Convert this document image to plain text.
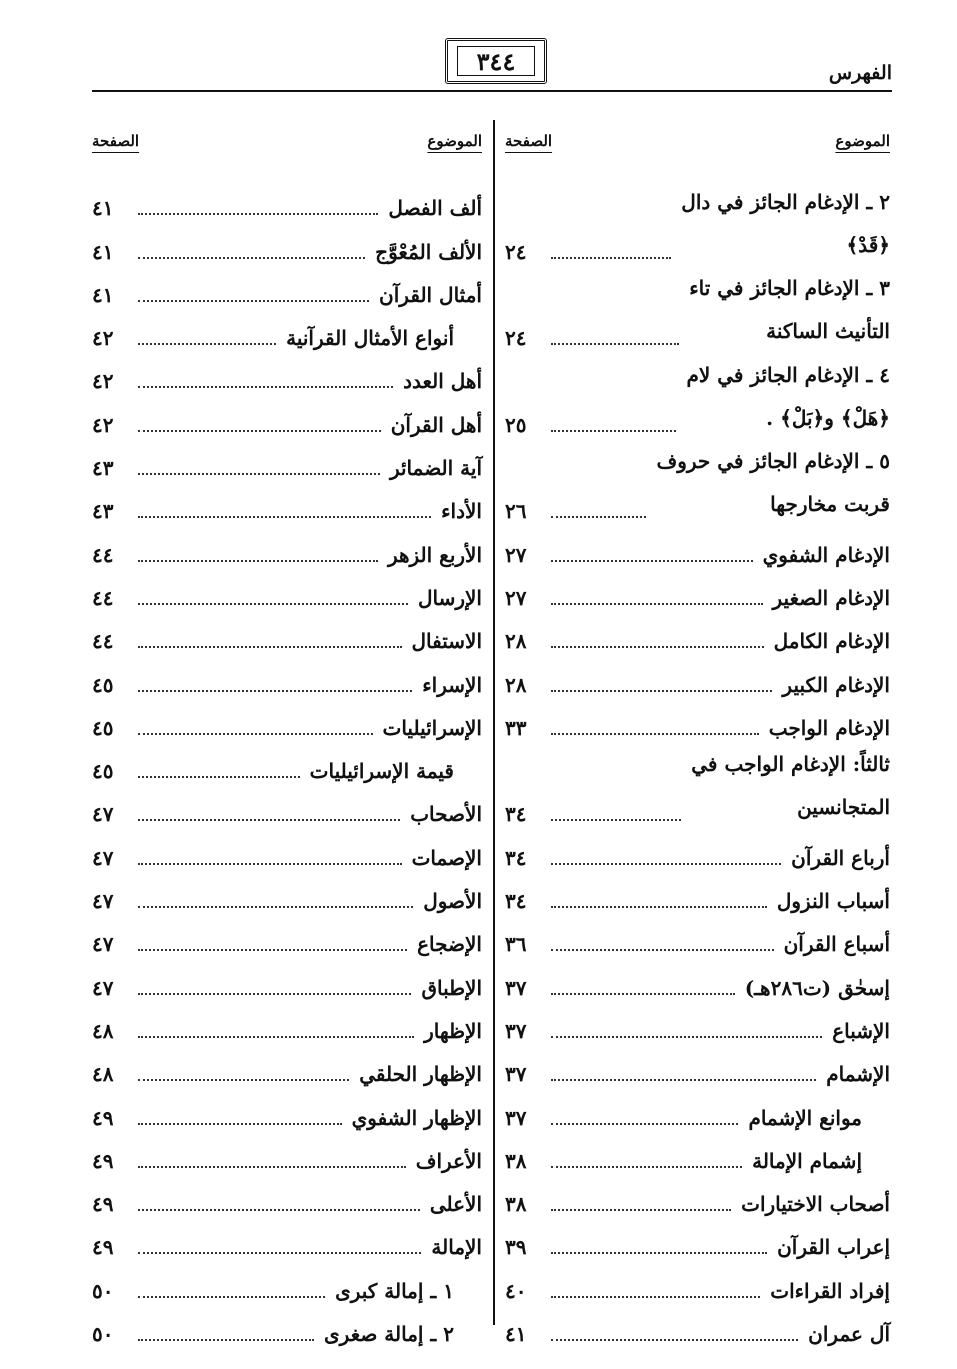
الفهرس
٣٤٤
الموضوع
الصفحة
٢ ـ الإدغام الجائز في دال
﴿قَدْ﴾
٢٤
٣ ـ الإدغام الجائز في تاء
التأنيث الساكنة
٢٤
٤ ـ الإدغام الجائز في لام
﴿هَلْ﴾ و﴿بَلْ﴾ .
٢٥
٥ ـ الإدغام الجائز في حروف
قربت مخارجها
٢٦
الإدغام الشفوي
٢٧
الإدغام الصغير
٢٧
الإدغام الكامل
٢٨
الإدغام الكبير
٢٨
الإدغام الواجب
٣٣
ثالثاً: الإدغام الواجب في
المتجانسين
٣٤
أرباع القرآن
٣٤
أسباب النزول
٣٤
أسباع القرآن
٣٦
إسحٰق (ت٢٨٦هـ)
٣٧
الإشباع
٣٧
الإشمام
٣٧
موانع الإشمام
٣٧
إشمام الإمالة
٣٨
أصحاب الاختيارات
٣٨
إعراب القرآن
٣٩
إفراد القراءات
٤٠
آل عمران
٤١
الموضوع
الصفحة
ألف الفصل
٤١
الألف المُعْوَّج
٤١
أمثال القرآن
٤١
أنواع الأمثال القرآنية
٤٢
أهل العدد
٤٢
أهل القرآن
٤٢
آية الضمائر
٤٣
الأداء
٤٣
الأربع الزهر
٤٤
الإرسال
٤٤
الاستفال
٤٤
الإسراء
٤٥
الإسرائيليات
٤٥
قيمة الإسرائيليات
٤٥
الأصحاب
٤٧
الإصمات
٤٧
الأصول
٤٧
الإضجاع
٤٧
الإطباق
٤٧
الإظهار
٤٨
الإظهار الحلقي
٤٨
الإظهار الشفوي
٤٩
الأعراف
٤٩
الأعلى
٤٩
الإمالة
٤٩
١ ـ إمالة كبرى
٥٠
٢ ـ إمالة صغرى
٥٠
